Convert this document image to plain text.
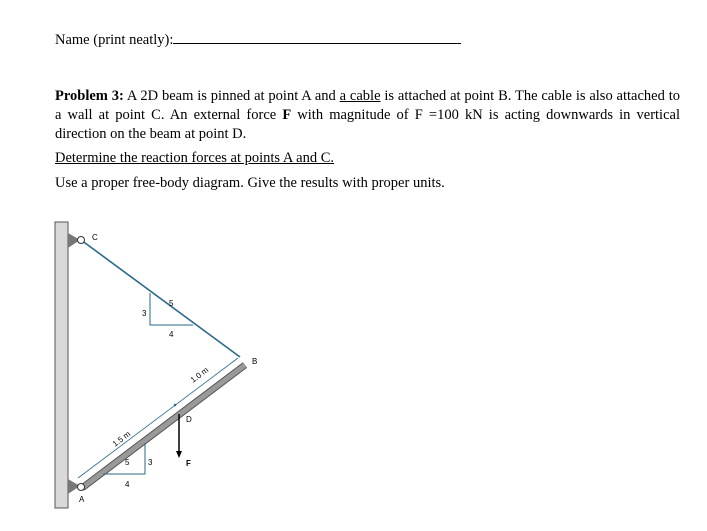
Name (print neatly):
Problem 3: A 2D beam is pinned at point A and a cable is attached at point B. The cable is also attached to a wall at point C. An external force F with magnitude of F =100 kN is acting downwards in vertical direction on the beam at point D.
Determine the reaction forces at points A and C.
Use a proper free-body diagram. Give the results with proper units.
C
A
B
D
F
3
4
5
3
4
5
1.5 m
1.0 m
